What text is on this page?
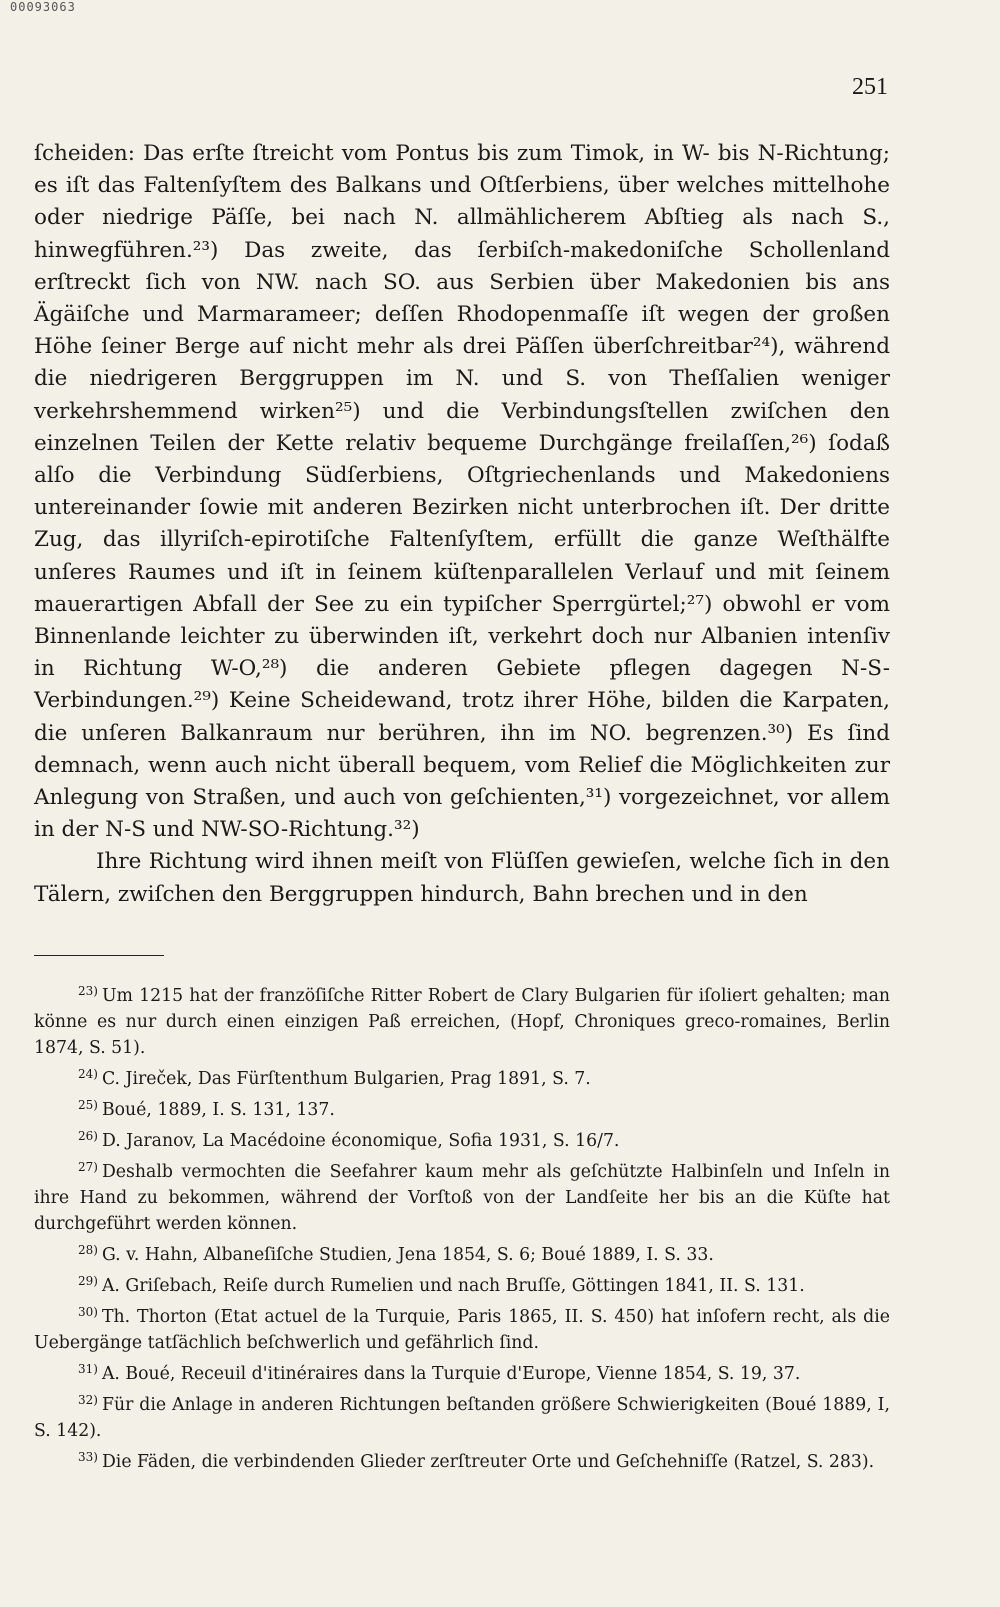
00093063
251

ſcheiden: Das erſte ſtreicht vom Pontus bis zum Timok, in W- bis N-Richtung; es iſt das Faltenſyſtem des Balkans und Oſtſerbiens, über welches mittelhohe oder niedrige Päſſe, bei nach N. allmählicherem Abſtieg als nach S., hinwegführen.²³) Das zweite, das ſerbiſch-makedoniſche Schollenland erſtreckt ſich von NW. nach SO. aus Serbien über Makedonien bis ans Ägäiſche und Marmarameer; deſſen Rhodopenmaſſe iſt wegen der großen Höhe ſeiner Berge auf nicht mehr als drei Päſſen überſchreitbar²⁴), während die niedrigeren Berggruppen im N. und S. von Theſſalien weniger verkehrshemmend wirken²⁵) und die Verbindungsſtellen zwiſchen den einzelnen Teilen der Kette relativ bequeme Durchgänge freilaſſen,²⁶) ſodaß alſo die Verbindung Südſerbiens, Oſtgriechenlands und Makedoniens untereinander ſowie mit anderen Bezirken nicht unterbrochen iſt. Der dritte Zug, das illyriſch-epirotiſche Faltenſyſtem, erfüllt die ganze Weſthälfte unſeres Raumes und iſt in ſeinem küſtenparallelen Verlauf und mit ſeinem mauerartigen Abfall der See zu ein typiſcher Sperrgürtel;²⁷) obwohl er vom Binnenlande leichter zu überwinden iſt, verkehrt doch nur Albanien intenſiv in Richtung W-O,²⁸) die anderen Gebiete pflegen dagegen N-S-Verbindungen.²⁹) Keine Scheidewand, trotz ihrer Höhe, bilden die Karpaten, die unſeren Balkanraum nur berühren, ihn im NO. begrenzen.³⁰) Es ſind demnach, wenn auch nicht überall bequem, vom Relief die Möglichkeiten zur Anlegung von Straßen, und auch von geſchienten,³¹) vorgezeichnet, vor allem in der N-S und NW-SO-Richtung.³²)

Ihre Richtung wird ihnen meiſt von Flüſſen gewieſen, welche ſich in den Tälern, zwiſchen den Berggruppen hindurch, Bahn brechen und in den

$^{23)}$ Um 1215 hat der franzöſiſche Ritter Robert de Clary Bulgarien für iſoliert gehalten; man könne es nur durch einen einzigen Paß erreichen, (Hopf, Chroniques greco-romaines, Berlin 1874, S. 51).

$^{24)}$ C. Jireček, Das Fürſtenthum Bulgarien, Prag 1891, S. 7.

$^{25)}$ Boué, 1889, I. S. 131, 137.

$^{26)}$ D. Jaranov, La Macédoine économique, Sofia 1931, S. 16/7.

$^{27)}$ Deshalb vermochten die Seefahrer kaum mehr als geſchützte Halbinſeln und Inſeln in ihre Hand zu bekommen, während der Vorſtoß von der Landſeite her bis an die Küſte hat durchgeführt werden können.

$^{28)}$ G. v. Hahn, Albaneſiſche Studien, Jena 1854, S. 6; Boué 1889, I. S. 33.

$^{29)}$ A. Griſebach, Reiſe durch Rumelien und nach Bruſſe, Göttingen 1841, II. S. 131.

$^{30)}$ Th. Thorton (Etat actuel de la Turquie, Paris 1865, II. S. 450) hat inſofern recht, als die Uebergänge tatſächlich beſchwerlich und gefährlich ſind.

$^{31)}$ A. Boué, Receuil d'itinéraires dans la Turquie d'Europe, Vienne 1854, S. 19, 37.

$^{32)}$ Für die Anlage in anderen Richtungen beſtanden größere Schwierigkeiten (Boué 1889, I, S. 142).

$^{33)}$ Die Fäden, die verbindenden Glieder zerſtreuter Orte und Geſchehniſſe (Ratzel, S. 283).
